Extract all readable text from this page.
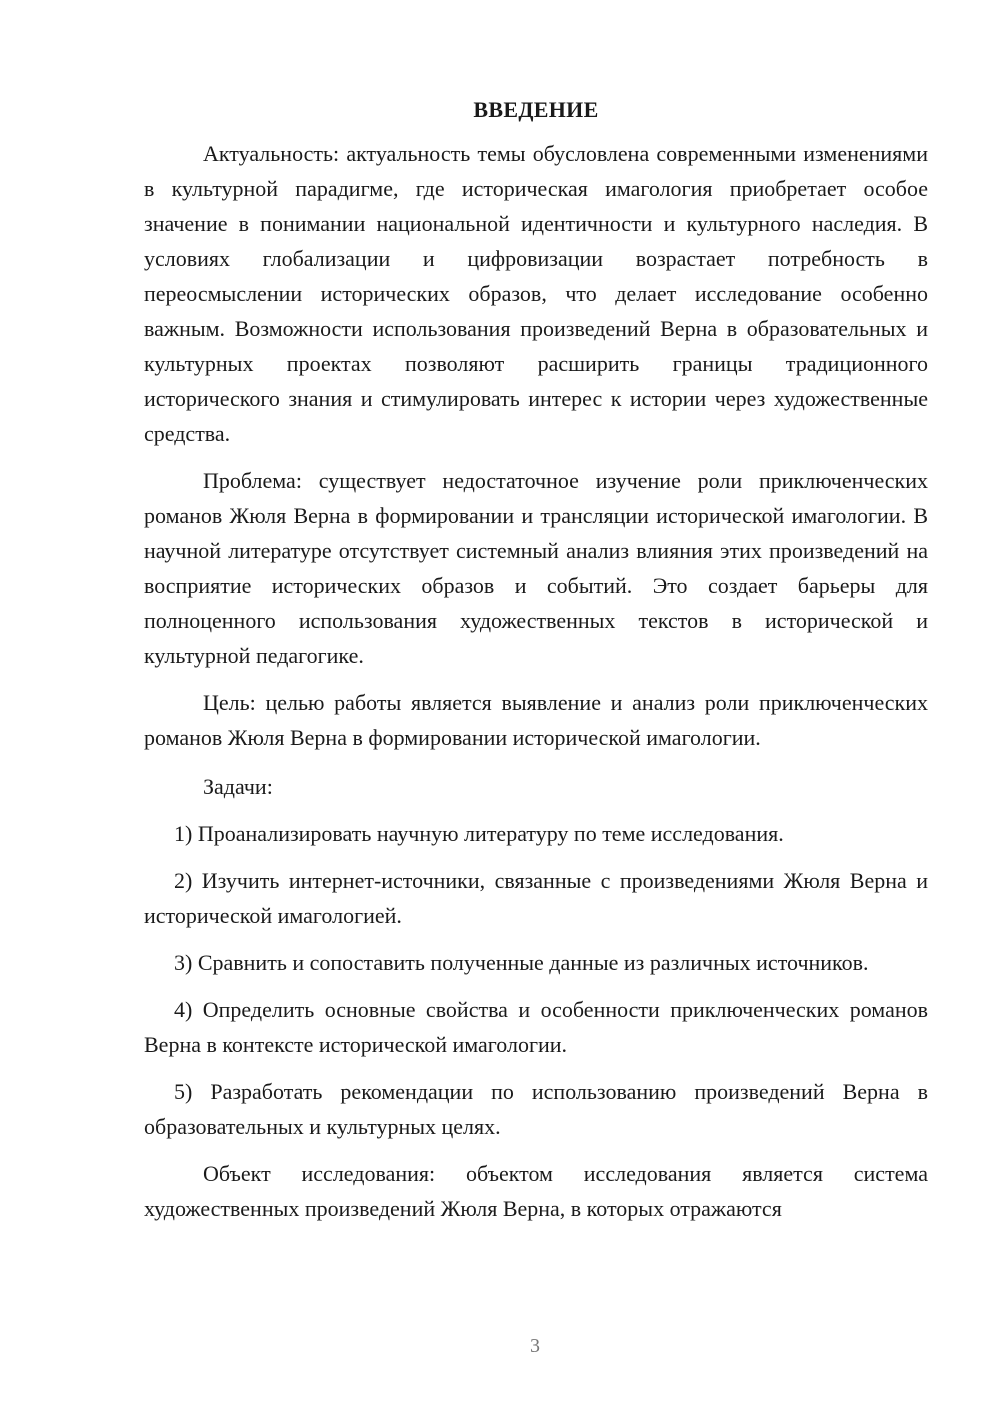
ВВЕДЕНИЕ

Актуальность: актуальность темы обусловлена современными изменениями в культурной парадигме, где историческая имагология приобретает особое значение в понимании национальной идентичности и культурного наследия. В условиях глобализации и цифровизации возрастает потребность в переосмыслении исторических образов, что делает исследование особенно важным. Возможности использования произведений Верна в образовательных и культурных проектах позволяют расширить границы традиционного исторического знания и стимулировать интерес к истории через художественные средства.

Проблема: существует недостаточное изучение роли приключенческих романов Жюля Верна в формировании и трансляции исторической имагологии. В научной литературе отсутствует системный анализ влияния этих произведений на восприятие исторических образов и событий. Это создает барьеры для полноценного использования художественных текстов в исторической и культурной педагогике.

Цель: целью работы является выявление и анализ роли приключенческих романов Жюля Верна в формировании исторической имагологии.

Задачи:

1) Проанализировать научную литературу по теме исследования.

2) Изучить интернет-источники, связанные с произведениями Жюля Верна и исторической имагологией.

3) Сравнить и сопоставить полученные данные из различных источников.

4) Определить основные свойства и особенности приключенческих романов Верна в контексте исторической имагологии.

5) Разработать рекомендации по использованию произведений Верна в образовательных и культурных целях.

Объект исследования: объектом исследования является система художественных произведений Жюля Верна, в которых отражаются

3
